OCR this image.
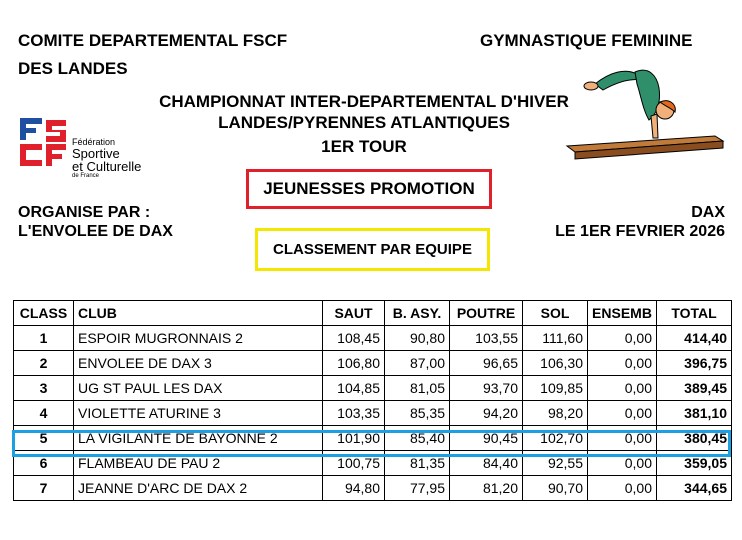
COMITE DEPARTEMENTAL FSCF
DES LANDES
GYMNASTIQUE FEMININE
CHAMPIONNAT INTER-DEPARTEMENTAL D'HIVER
LANDES/PYRENNES ATLANTIQUES
1ER TOUR
Fédération
Sportive
et Culturelle
de France
JEUNESSES PROMOTION
CLASSEMENT PAR EQUIPE
ORGANISE PAR :
L'ENVOLEE DE DAX
DAX
LE 1ER FEVRIER 2026
CLASS	CLUB	SAUT	B. ASY.	POUTRE	SOL	ENSEMB	TOTAL
1	ESPOIR MUGRONNAIS 2	108,45	90,80	103,55	111,60	0,00	414,40
2	ENVOLEE DE DAX 3	106,80	87,00	96,65	106,30	0,00	396,75
3	UG ST PAUL LES DAX	104,85	81,05	93,70	109,85	0,00	389,45
4	VIOLETTE ATURINE 3	103,35	85,35	94,20	98,20	0,00	381,10
5	LA VIGILANTE DE BAYONNE 2	101,90	85,40	90,45	102,70	0,00	380,45
6	FLAMBEAU DE PAU 2	100,75	81,35	84,40	92,55	0,00	359,05
7	JEANNE D'ARC DE DAX 2	94,80	77,95	81,20	90,70	0,00	344,65
